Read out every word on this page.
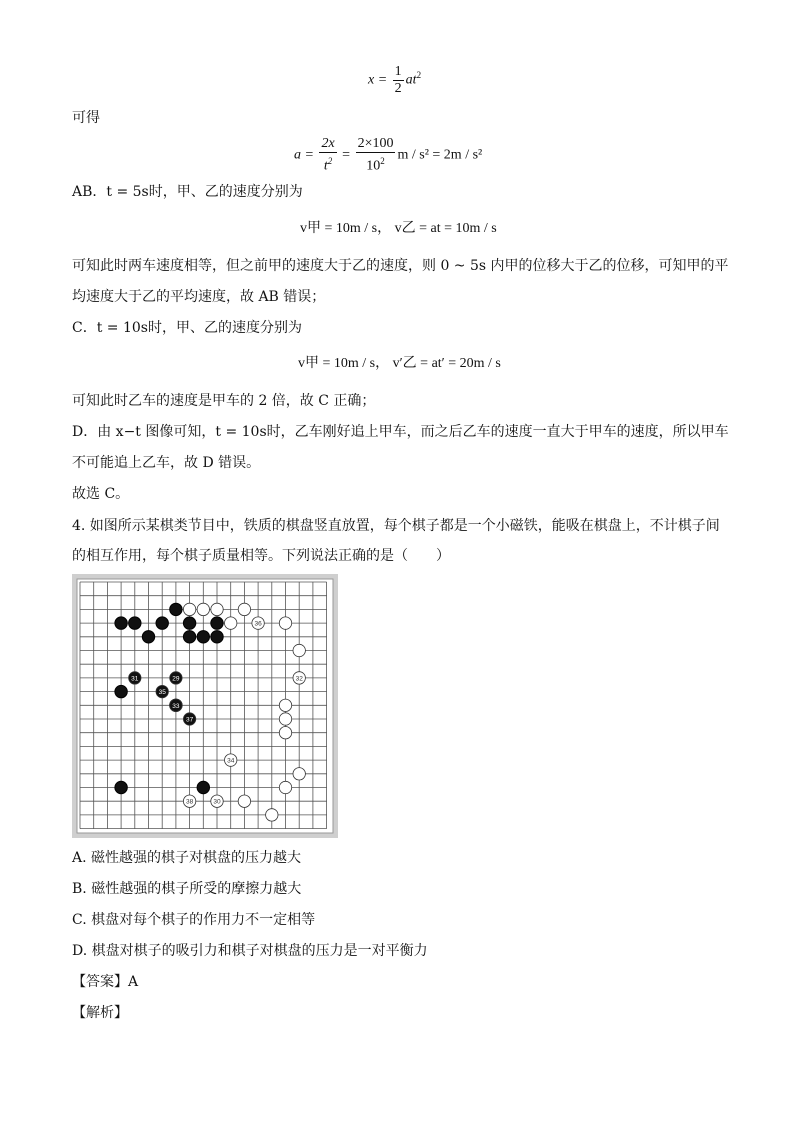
$x = \frac{1}{2} at^2$
可得
$a = \frac{2x}{t^2} = \frac{2\times 100}{10^2}$ m / s² = 2m / s²
AB．t = 5s时，甲、乙的速度分别为
v甲 = 10m / s， v乙 = at = 10m / s
可知此时两车速度相等，但之前甲的速度大于乙的速度，则 0 ~ 5s 内甲的位移大于乙的位移，可知甲的平
均速度大于乙的平均速度，故 AB 错误；
C．t = 10s时，甲、乙的速度分别为
v甲 = 10m / s， v′乙 = at′ = 20m / s
可知此时乙车的速度是甲车的 2 倍，故 C 正确；
D．由 x−t 图像可知，t = 10s时，乙车刚好追上甲车，而之后乙车的速度一直大于甲车的速度，所以甲车
不可能追上乙车，故 D 错误。
故选 C。
4. 如图所示某棋类节目中，铁质的棋盘竖直放置，每个棋子都是一个小磁铁，能吸在棋盘上，不计棋子间
的相互作用，每个棋子质量相等。下列说法正确的是（　　）
36
31	29	32
35
33
37
34
38	30
A. 磁性越强的棋子对棋盘的压力越大
B. 磁性越强的棋子所受的摩擦力越大
C. 棋盘对每个棋子的作用力不一定相等
D. 棋盘对棋子的吸引力和棋子对棋盘的压力是一对平衡力
【答案】A
【解析】
